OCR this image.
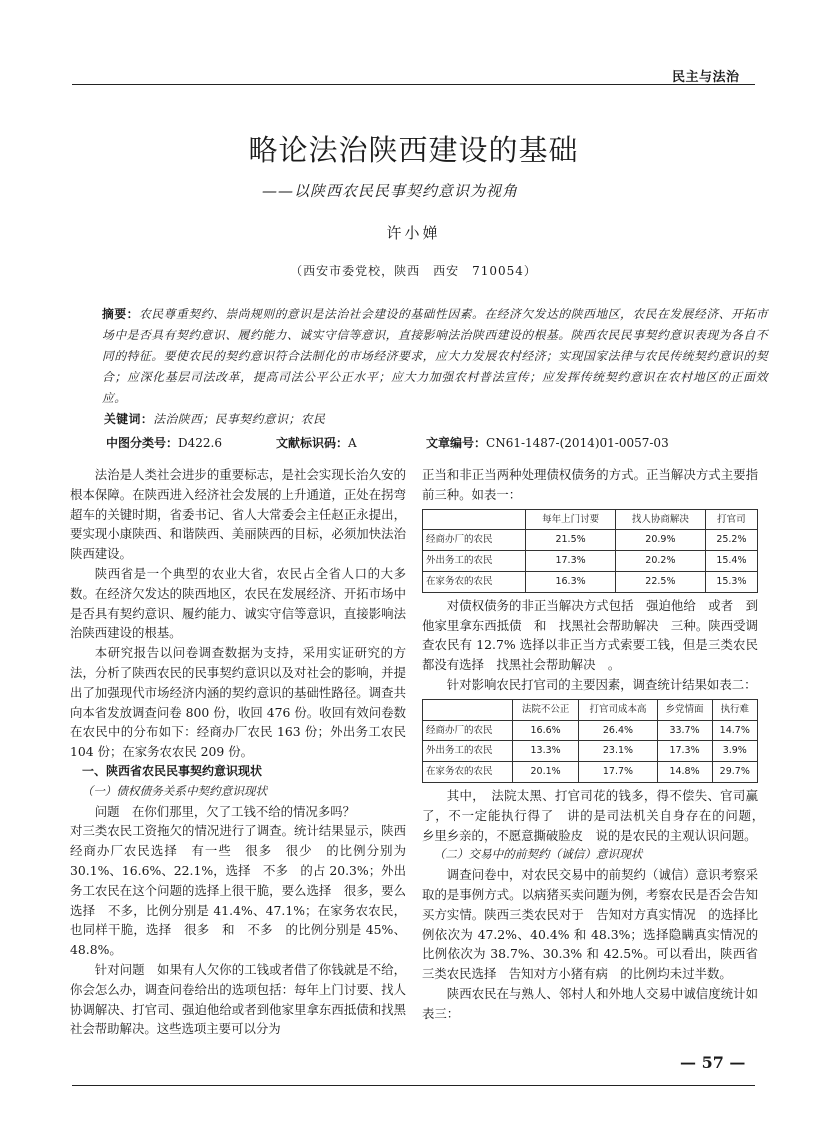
民主与法治
略论法治陕西建设的基础
——以陕西农民民事契约意识为视角
许小婵
（西安市委党校，陕西　西安　710054）
摘要：农民尊重契约、崇尚规则的意识是法治社会建设的基础性因素。在经济欠发达的陕西地区，农民在发展经济、开拓市场中是否具有契约意识、履约能力、诚实守信等意识，直接影响法治陕西建设的根基。陕西农民民事契约意识表现为各自不同的特征。要使农民的契约意识符合法制化的市场经济要求，应大力发展农村经济；实现国家法律与农民传统契约意识的契合；应深化基层司法改革，提高司法公平公正水平；应大力加强农村普法宣传；应发挥传统契约意识在农村地区的正面效应。
关键词：法治陕西；民事契约意识；农民
中图分类号：D422.6	文献标识码：A	文章编号：CN61-1487-(2014)01-0057-03

法治是人类社会进步的重要标志，是社会实现长治久安的根本保障。在陕西进入经济社会发展的上升通道，正处在拐弯超车的关键时期，省委书记、省人大常委会主任赵正永提出，要实现小康陕西、和谐陕西、美丽陕西的目标，必须加快法治陕西建设。

陕西省是一个典型的农业大省，农民占全省人口的大多数。在经济欠发达的陕西地区，农民在发展经济、开拓市场中是否具有契约意识、履约能力、诚实守信等意识，直接影响法治陕西建设的根基。

本研究报告以问卷调查数据为支持，采用实证研究的方法，分析了陕西农民的民事契约意识以及对社会的影响，并提出了加强现代市场经济内涵的契约意识的基础性路径。调查共向本省发放调查问卷 800 份，收回 476 份。收回有效问卷数在农民中的分布如下：经商办厂农民 163 份；外出务工农民 104 份；在家务农农民 209 份。

一、陕西省农民民事契约意识现状

（一）债权债务关系中契约意识现状

问题　在你们那里，欠了工钱不给的情况多吗？

对三类农民工资拖欠的情况进行了调查。统计结果显示，陕西经商办厂农民选择　有一些　很多　很少　的比例分别为 30.1%、16.6%、22.1%，选择　不多　的占 20.3%；外出务工农民在这个问题的选择上很干脆，要么选择　很多，要么选择　不多，比例分别是 41.4%、47.1%；在家务农农民，也同样干脆，选择　很多　和　不多　的比例分别是 45%、48.8%。

针对问题　如果有人欠你的工钱或者借了你钱就是不给，你会怎么办，调查问卷给出的选项包括：每年上门讨要、找人协调解决、打官司、强迫他给或者到他家里拿东西抵债和找黑社会帮助解决。这些选项主要可以分为

正当和非正当两种处理债权债务的方式。正当解决方式主要指前三种。如表一：

	每年上门讨要	找人协商解决	打官司
经商办厂的农民	21.5%	20.9%	25.2%
外出务工的农民	17.3%	20.2%	15.4%
在家务农的农民	16.3%	22.5%	15.3%

对债权债务的非正当解决方式包括　强迫他给　或者　到他家里拿东西抵债　和　找黑社会帮助解决　三种。陕西受调查农民有 12.7% 选择以非正当方式索要工钱，但是三类农民都没有选择　找黑社会帮助解决　。

针对影响农民打官司的主要因素，调查统计结果如表二：

	法院不公正	打官司成本高	乡党情面	执行难
经商办厂的农民	16.6%	26.4%	33.7%	14.7%
外出务工的农民	13.3%	23.1%	17.3%	3.9%
在家务农的农民	20.1%	17.7%	14.8%	29.7%

其中，　法院太黑、打官司花的钱多，得不偿失、官司赢了，不一定能执行得了　讲的是司法机关自身存在的问题，　乡里乡亲的，不愿意撕破脸皮　说的是农民的主观认识问题。

（二）交易中的前契约（诚信）意识现状

调查问卷中，对农民交易中的前契约（诚信）意识考察采取的是事例方式。以病猪买卖问题为例，考察农民是否会告知买方实情。陕西三类农民对于　告知对方真实情况　的选择比例依次为 47.2%、40.4% 和 48.3%；选择隐瞒真实情况的比例依次为 38.7%、30.3% 和 42.5%。可以看出，陕西省三类农民选择　告知对方小猪有病　的比例均未过半数。

陕西农民在与熟人、邻村人和外地人交易中诚信度统计如表三：

— 57 —
